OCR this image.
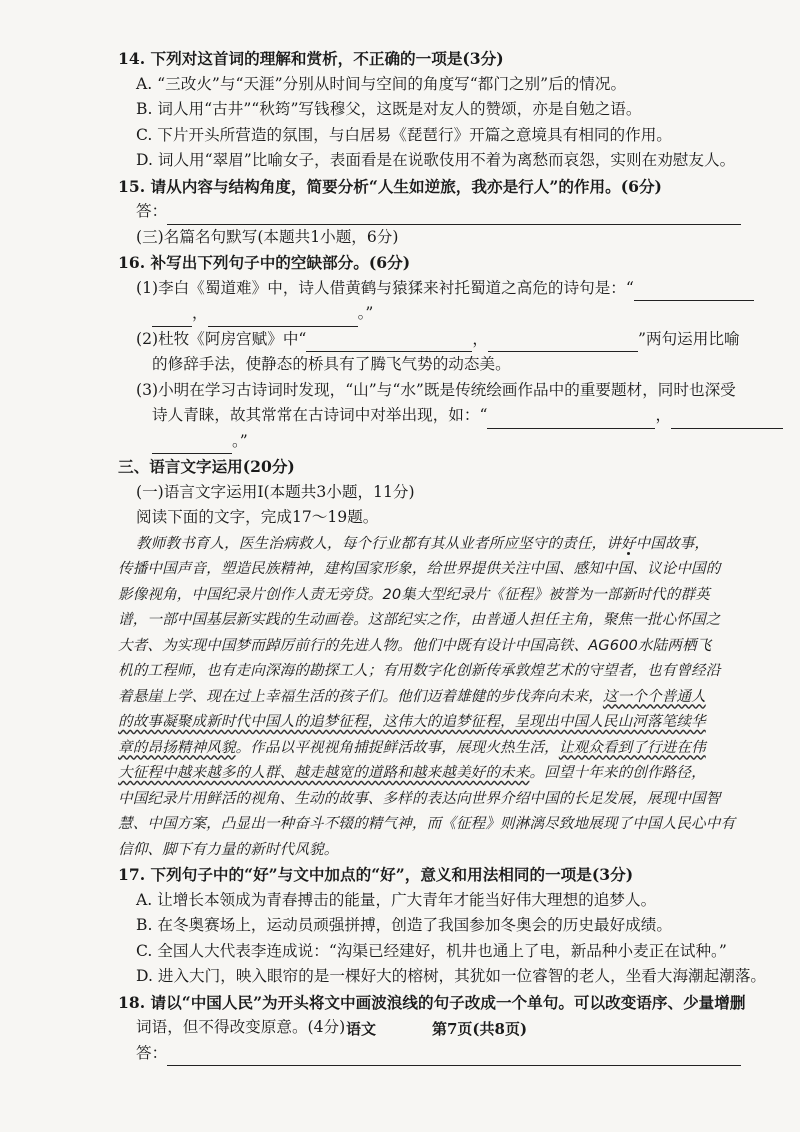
14. 下列对这首词的理解和赏析，不正确的一项是(3分)
A. “三改火”与“天涯”分别从时间与空间的角度写“都门之别”后的情况。
B. 词人用“古井”“秋筠”写钱穆父，这既是对友人的赞颂，亦是自勉之语。
C. 下片开头所营造的氛围，与白居易《琵琶行》开篇之意境具有相同的作用。
D. 词人用“翠眉”比喻女子，表面看是在说歌伎用不着为离愁而哀怨，实则在劝慰友人。
15. 请从内容与结构角度，简要分析“人生如逆旅，我亦是行人”的作用。(6分)
答：
(三)名篇名句默写(本题共1小题，6分)
16. 补写出下列句子中的空缺部分。(6分)
(1)李白《蜀道难》中，诗人借黄鹤与猿猱来衬托蜀道之高危的诗句是：“
，	。”
(2)杜牧《阿房宫赋》中“	，	”两句运用比喻
的修辞手法，使静态的桥具有了腾飞气势的动态美。
(3)小明在学习古诗词时发现，“山”与“水”既是传统绘画作品中的重要题材，同时也深受
诗人青睐，故其常常在古诗词中对举出现，如：“	，
。”
三、语言文字运用(20分)
(一)语言文字运用Ⅰ(本题共3小题，11分)
阅读下面的文字，完成17～19题。
教师教书育人，医生治病救人，每个行业都有其从业者所应坚守的责任，讲好中国故事，
传播中国声音，塑造民族精神，建构国家形象，给世界提供关注中国、感知中国、议论中国的
影像视角，中国纪录片创作人责无旁贷。20集大型纪录片《征程》被誉为一部新时代的群英
谱，一部中国基层新实践的生动画卷。这部纪实之作，由普通人担任主角，聚焦一批心怀国之
大者、为实现中国梦而踔厉前行的先进人物。他们中既有设计中国高铁、AG600水陆两栖飞
机的工程师，也有走向深海的勘探工人；有用数字化创新传承敦煌艺术的守望者，也有曾经沿
着悬崖上学、现在过上幸福生活的孩子们。他们迈着雄健的步伐奔向未来，这一个个普通人
的故事凝聚成新时代中国人的追梦征程，这伟大的追梦征程，呈现出中国人民山河落笔续华
章的昂扬精神风貌。作品以平视视角捕捉鲜活故事，展现火热生活，让观众看到了行进在伟
大征程中越来越多的人群、越走越宽的道路和越来越美好的未来。回望十年来的创作路径，
中国纪录片用鲜活的视角、生动的故事、多样的表达向世界介绍中国的长足发展，展现中国智
慧、中国方案，凸显出一种奋斗不辍的精气神，而《征程》则淋漓尽致地展现了中国人民心中有
信仰、脚下有力量的新时代风貌。
17. 下列句子中的“好”与文中加点的“好”，意义和用法相同的一项是(3分)
A. 让增长本领成为青春搏击的能量，广大青年才能当好伟大理想的追梦人。
B. 在冬奥赛场上，运动员顽强拼搏，创造了我国参加冬奥会的历史最好成绩。
C. 全国人大代表李连成说：“沟渠已经建好，机井也通上了电，新品种小麦正在试种。”
D. 进入大门，映入眼帘的是一棵好大的榕树，其犹如一位睿智的老人，坐看大海潮起潮落。
18. 请以“中国人民”为开头将文中画波浪线的句子改成一个单句。可以改变语序、少量增删
词语，但不得改变原意。(4分)
答：
语文	第7页(共8页)
